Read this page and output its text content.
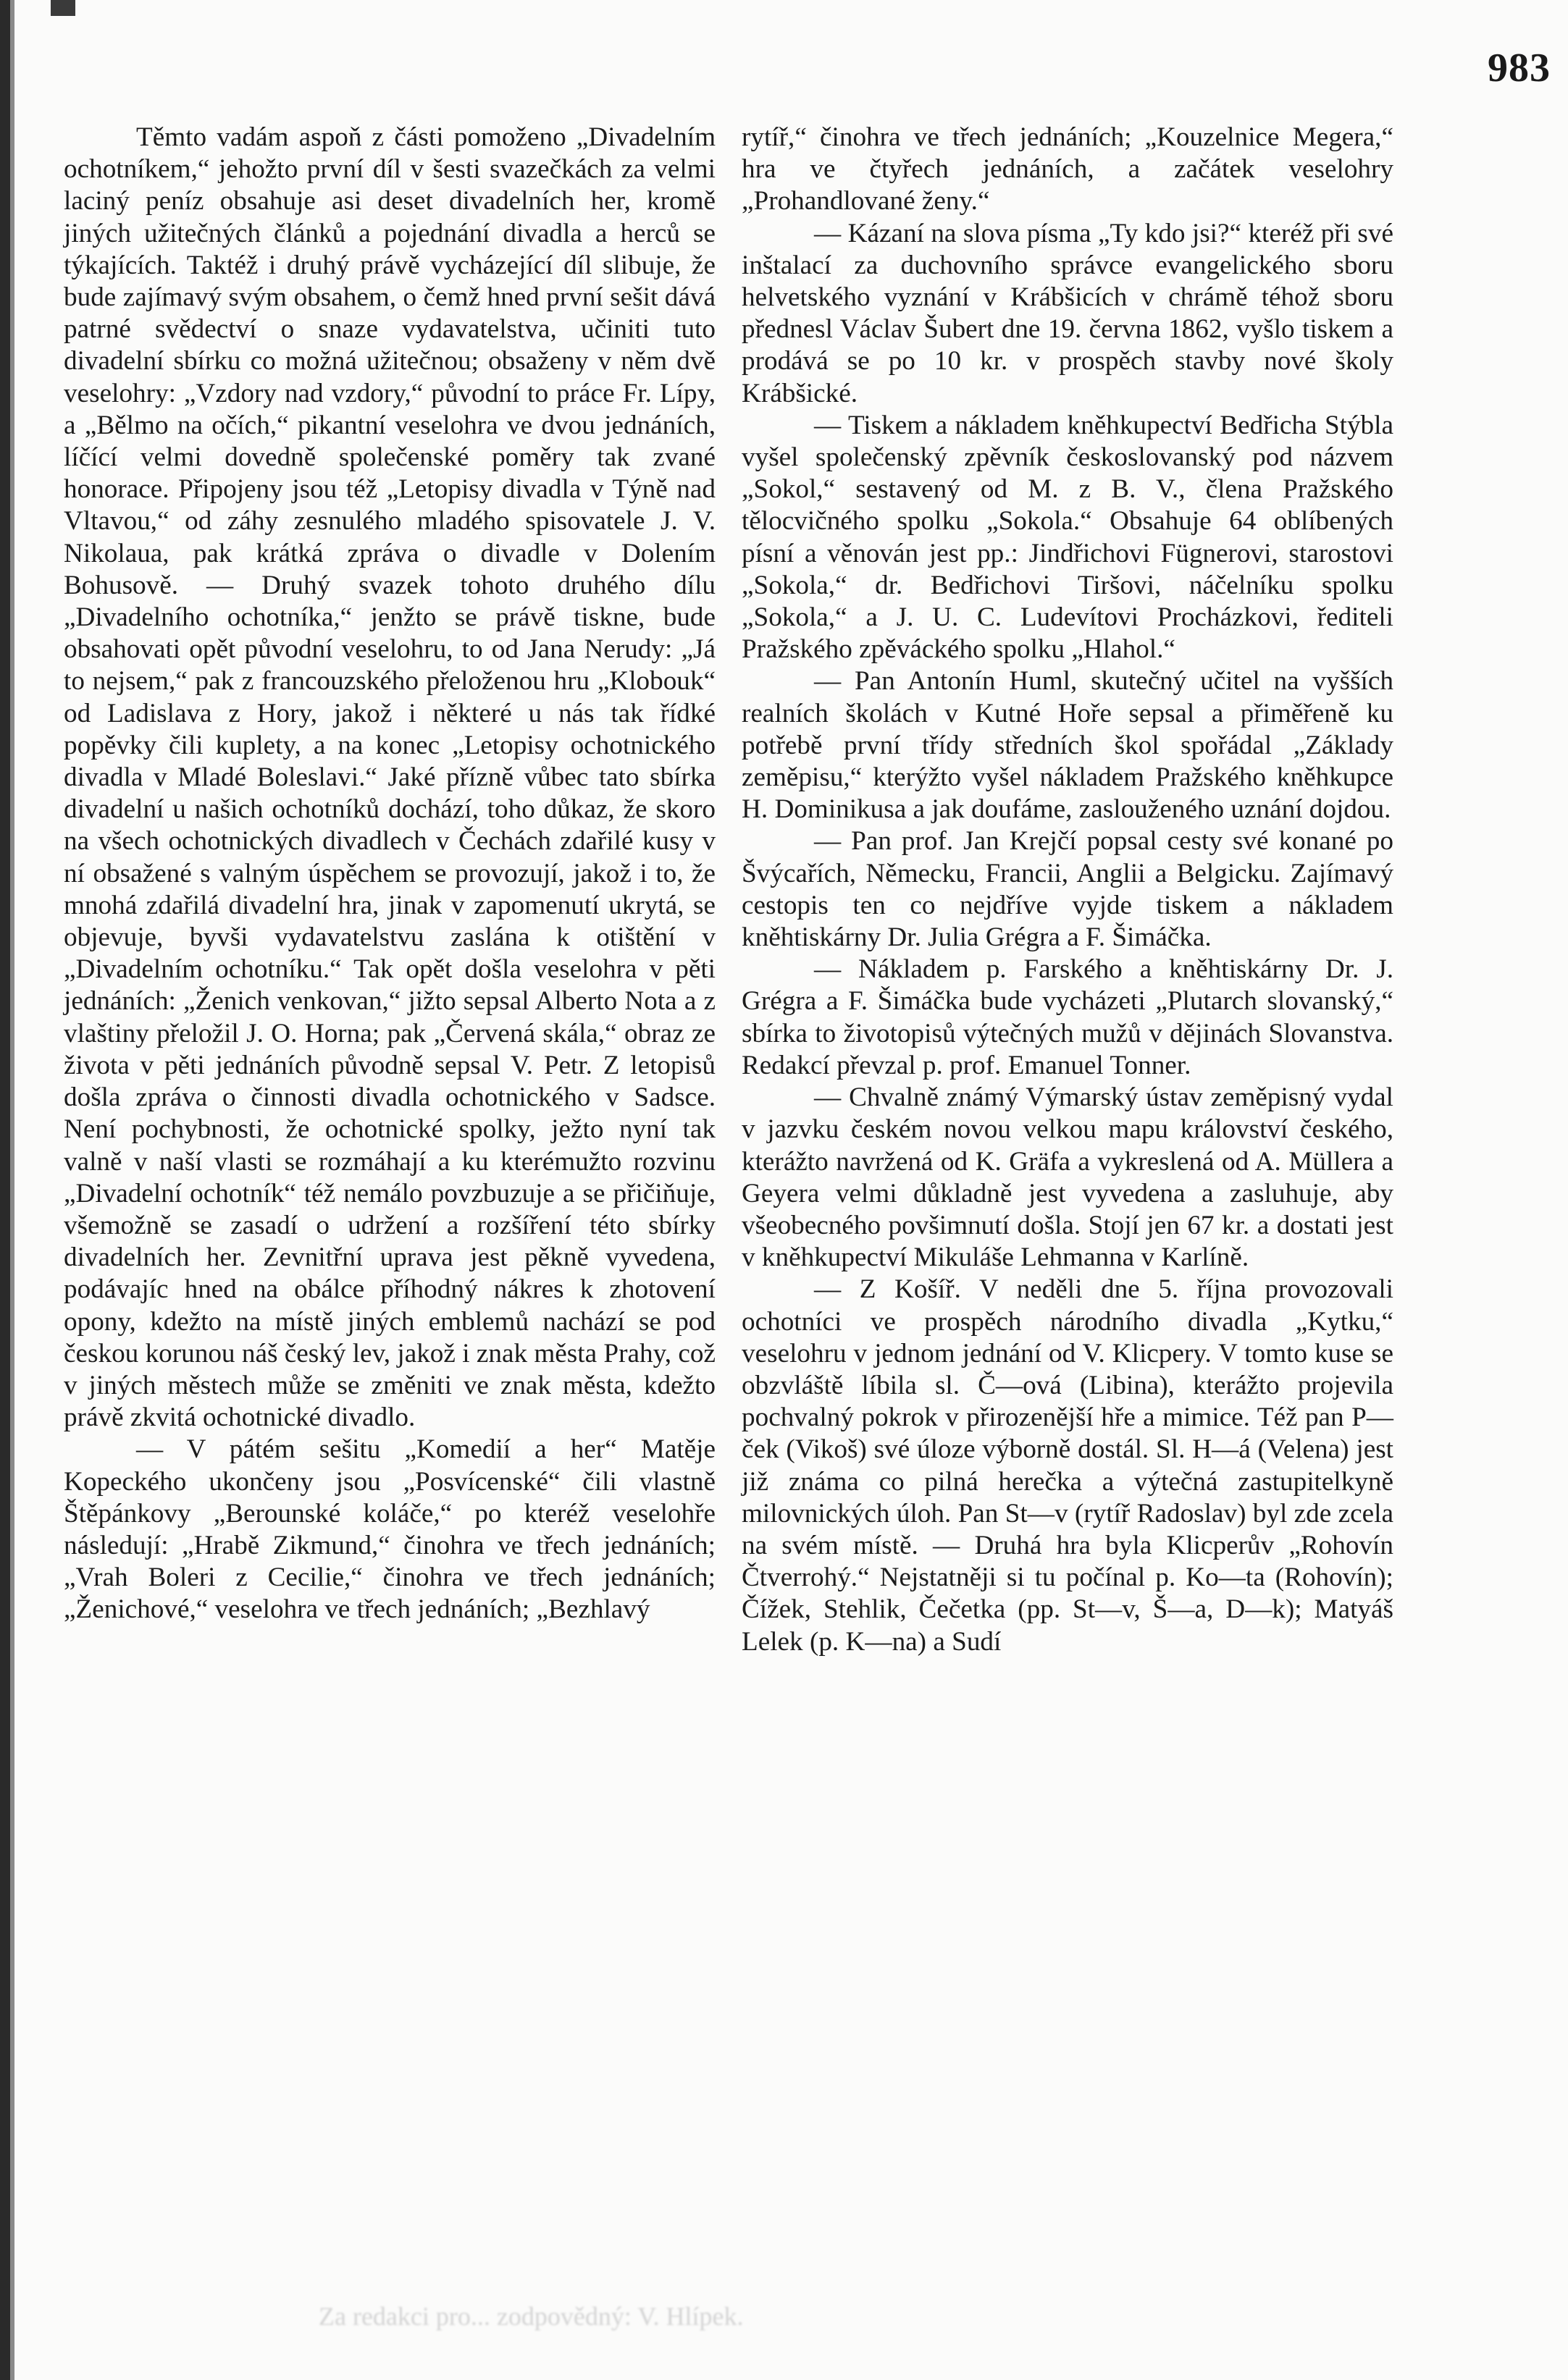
983

Těmto vadám aspoň z části pomoženo „Divadelním ochotníkem,“ jehožto první díl v šesti svazečkách za velmi laciný peníz obsahuje asi deset divadelních her, kromě jiných užitečných článků a pojednání divadla a herců se týkajících. Taktéž i druhý právě vycházející díl slibuje, že bude zajímavý svým obsahem, o čemž hned první sešit dává patrné svědectví o snaze vydavatelstva, učiniti tuto divadelní sbírku co možná užitečnou; obsaženy v něm dvě veselohry: „Vzdory nad vzdory,“ původní to práce Fr. Lípy, a „Bělmo na očích,“ pikantní veselohra ve dvou jednáních, líčící velmi dovedně společenské poměry tak zvané honorace. Připojeny jsou též „Letopisy divadla v Týně nad Vltavou,“ od záhy zesnulého mladého spisovatele J. V. Nikolaua, pak krátká zpráva o divadle v Dolením Bohusově. — Druhý svazek tohoto druhého dílu „Divadelního ochotníka,“ jenžto se právě tiskne, bude obsahovati opět původní veselohru, to od Jana Nerudy: „Já to nejsem,“ pak z francouzského přeloženou hru „Klobouk“ od Ladislava z Hory, jakož i některé u nás tak řídké popěvky čili kuplety, a na konec „Letopisy ochotnického divadla v Mladé Boleslavi.“ Jaké přízně vůbec tato sbírka divadelní u našich ochotníků dochází, toho důkaz, že skoro na všech ochotnických divadlech v Čechách zdařilé kusy v ní obsažené s valným úspěchem se provozují, jakož i to, že mnohá zdařilá divadelní hra, jinak v zapomenutí ukrytá, se objevuje, byvši vydavatelstvu zaslána k otištění v „Divadelním ochotníku.“ Tak opět došla veselohra v pěti jednáních: „Ženich venkovan,“ jižto sepsal Alberto Nota a z vlaštiny přeložil J. O. Horna; pak „Červená skála,“ obraz ze života v pěti jednáních původně sepsal V. Petr. Z letopisů došla zpráva o činnosti divadla ochotnického v Sadsce. Není pochybnosti, že ochotnické spolky, ježto nyní tak valně v naší vlasti se rozmáhají a ku kterémužto rozvinu „Divadelní ochotník“ též nemálo povzbuzuje a se přičiňuje, všemožně se zasadí o udržení a rozšíření této sbírky divadelních her. Zevnitřní uprava jest pěkně vyvedena, podávajíc hned na obálce příhodný nákres k zhotovení opony, kdežto na místě jiných emblemů nachází se pod českou korunou náš český lev, jakož i znak města Prahy, což v jiných městech může se změniti ve znak města, kdežto právě zkvitá ochotnické divadlo.

— V pátém sešitu „Komedií a her“ Matěje Kopeckého ukončeny jsou „Posvícenské“ čili vlastně Štěpánkovy „Berounské koláče,“ po kteréž veselohře následují: „Hrabě Zikmund,“ činohra ve třech jednáních; „Vrah Boleri z Cecilie,“ činohra ve třech jednáních; „Ženichové,“ veselohra ve třech jednáních; „Bezhlavý

rytíř,“ činohra ve třech jednáních; „Kouzelnice Megera,“ hra ve čtyřech jednáních, a začátek veselohry „Prohandlované ženy.“

— Kázaní na slova písma „Ty kdo jsi?“ kteréž při své inštalací za duchovního správce evangelického sboru helvetského vyznání v Krábšicích v chrámě téhož sboru přednesl Václav Šubert dne 19. června 1862, vyšlo tiskem a prodává se po 10 kr. v prospěch stavby nové školy Krábšické.

— Tiskem a nákladem kněhkupectví Bedřicha Stýbla vyšel společenský zpěvník českoslovanský pod názvem „Sokol,“ sestavený od M. z B. V., člena Pražského tělocvičného spolku „Sokola.“ Obsahuje 64 oblíbených písní a věnován jest pp.: Jindřichovi Fügnerovi, starostovi „Sokola,“ dr. Bedřichovi Tiršovi, náčelníku spolku „Sokola,“ a J. U. C. Ludevítovi Procházkovi, řediteli Pražského zpěváckého spolku „Hlahol.“

— Pan Antonín Huml, skutečný učitel na vyšších realních školách v Kutné Hoře sepsal a přiměřeně ku potřebě první třídy středních škol spořádal „Základy zeměpisu,“ kterýžto vyšel nákladem Pražského kněhkupce H. Dominikusa a jak doufáme, zaslouženého uznání dojdou.

— Pan prof. Jan Krejčí popsal cesty své konané po Švýcařích, Německu, Francii, Anglii a Belgicku. Zajímavý cestopis ten co nejdříve vyjde tiskem a nákladem kněhtiskárny Dr. Julia Grégra a F. Šimáčka.

— Nákladem p. Farského a kněhtiskárny Dr. J. Grégra a F. Šimáčka bude vycházeti „Plutarch slovanský,“ sbírka to životopisů výtečných mužů v dějinách Slovanstva. Redakcí převzal p. prof. Emanuel Tonner.

— Chvalně známý Výmarský ústav zeměpisný vydal v jazvku českém novou velkou mapu království českého, kterážto navržená od K. Gräfa a vykreslená od A. Müllera a Geyera velmi důkladně jest vyvedena a zasluhuje, aby všeobecného povšimnutí došla. Stojí jen 67 kr. a dostati jest v kněhkupectví Mikuláše Lehmanna v Karlíně.

— Z Košíř. V neděli dne 5. října provozovali ochotníci ve prospěch národního divadla „Kytku,“ veselohru v jednom jednání od V. Klicpery. V tomto kuse se obzvláště líbila sl. Č—ová (Libina), kterážto projevila pochvalný pokrok v přirozenější hře a mimice. Též pan P—ček (Vikoš) své úloze výborně dostál. Sl. H—á (Velena) jest již známa co pilná herečka a výtečná zastupitelkyně milovnických úloh. Pan St—v (rytíř Radoslav) byl zde zcela na svém místě. — Druhá hra byla Klicperův „Rohovín Čtverrohý.“ Nejstatněji si tu počínal p. Ko—ta (Rohovín); Čížek, Stehlik, Čečetka (pp. St—v, Š—a, D—k); Matyáš Lelek (p. K—na) a Sudí

Za redakci pro... zodpovědný: V. Hlípek.
